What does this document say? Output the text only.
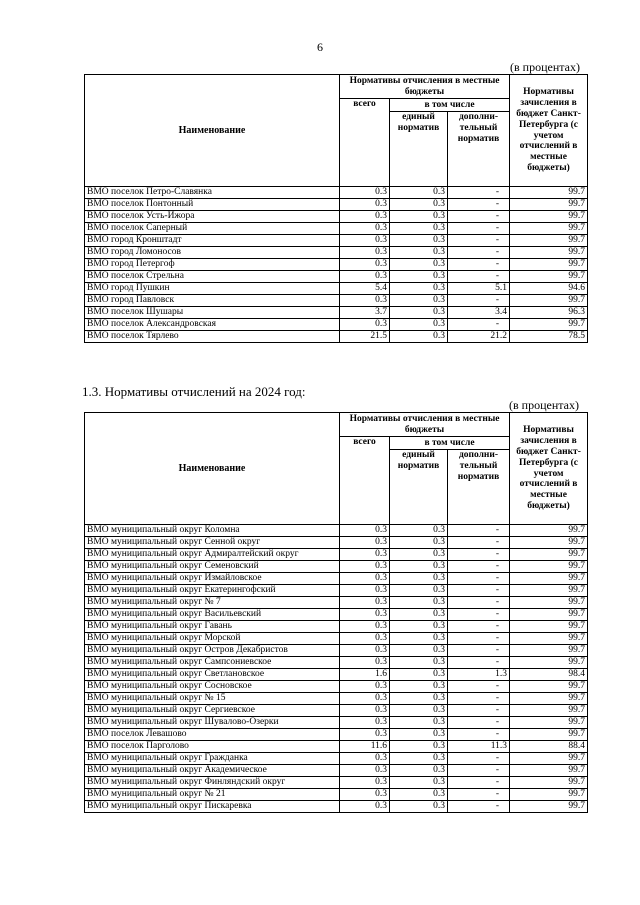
6
(в процентах)
Наименование	Нормативы отчисления в местные бюджеты			Нормативы зачисления в бюджет Санкт-Петербурга (с учетом отчислений в местные бюджеты)
	всего	в том числе		
		единый норматив	дополни-тельный норматив	
ВМО поселок Петро-Славянка	0.3	0.3	-	99.7
ВМО поселок Понтонный	0.3	0.3	-	99.7
ВМО поселок Усть-Ижора	0.3	0.3	-	99.7
ВМО поселок Саперный	0.3	0.3	-	99.7
ВМО город Кронштадт	0.3	0.3	-	99.7
ВМО город Ломоносов	0.3	0.3	-	99.7
ВМО город Петергоф	0.3	0.3	-	99.7
ВМО поселок Стрельна	0.3	0.3	-	99.7
ВМО город Пушкин	5.4	0.3	5.1	94.6
ВМО город Павловск	0.3	0.3	-	99.7
ВМО поселок Шушары	3.7	0.3	3.4	96.3
ВМО поселок Александровская	0.3	0.3	-	99.7
ВМО поселок Тярлево	21.5	0.3	21.2	78.5
1.3. Нормативы отчислений на 2024 год:
(в процентах)
Наименование	Нормативы отчисления в местные бюджеты			Нормативы зачисления в бюджет Санкт-Петербурга (с учетом отчислений в местные бюджеты)
	всего	в том числе		
		единый норматив	дополни-тельный норматив	
ВМО муниципальный округ Коломна	0.3	0.3	-	99.7
ВМО муниципальный округ Сенной округ	0.3	0.3	-	99.7
ВМО муниципальный округ Адмиралтейский округ	0.3	0.3	-	99.7
ВМО муниципальный округ Семеновский	0.3	0.3	-	99.7
ВМО муниципальный округ Измайловское	0.3	0.3	-	99.7
ВМО муниципальный округ Екатерингофский	0.3	0.3	-	99.7
ВМО муниципальный округ № 7	0.3	0.3	-	99.7
ВМО муниципальный округ Васильевский	0.3	0.3	-	99.7
ВМО муниципальный округ Гавань	0.3	0.3	-	99.7
ВМО муниципальный округ Морской	0.3	0.3	-	99.7
ВМО муниципальный округ Остров Декабристов	0.3	0.3	-	99.7
ВМО муниципальный округ Сампсониевское	0.3	0.3	-	99.7
ВМО муниципальный округ Светлановское	1.6	0.3	1.3	98.4
ВМО муниципальный округ Сосновское	0.3	0.3	-	99.7
ВМО муниципальный округ № 15	0.3	0.3	-	99.7
ВМО муниципальный округ Сергиевское	0.3	0.3	-	99.7
ВМО муниципальный округ Шувалово-Озерки	0.3	0.3	-	99.7
ВМО поселок Левашово	0.3	0.3	-	99.7
ВМО поселок Парголово	11.6	0.3	11.3	88.4
ВМО муниципальный округ Гражданка	0.3	0.3	-	99.7
ВМО муниципальный округ Академическое	0.3	0.3	-	99.7
ВМО муниципальный округ Финляндский округ	0.3	0.3	-	99.7
ВМО муниципальный округ № 21	0.3	0.3	-	99.7
ВМО муниципальный округ Пискаревка	0.3	0.3	-	99.7
